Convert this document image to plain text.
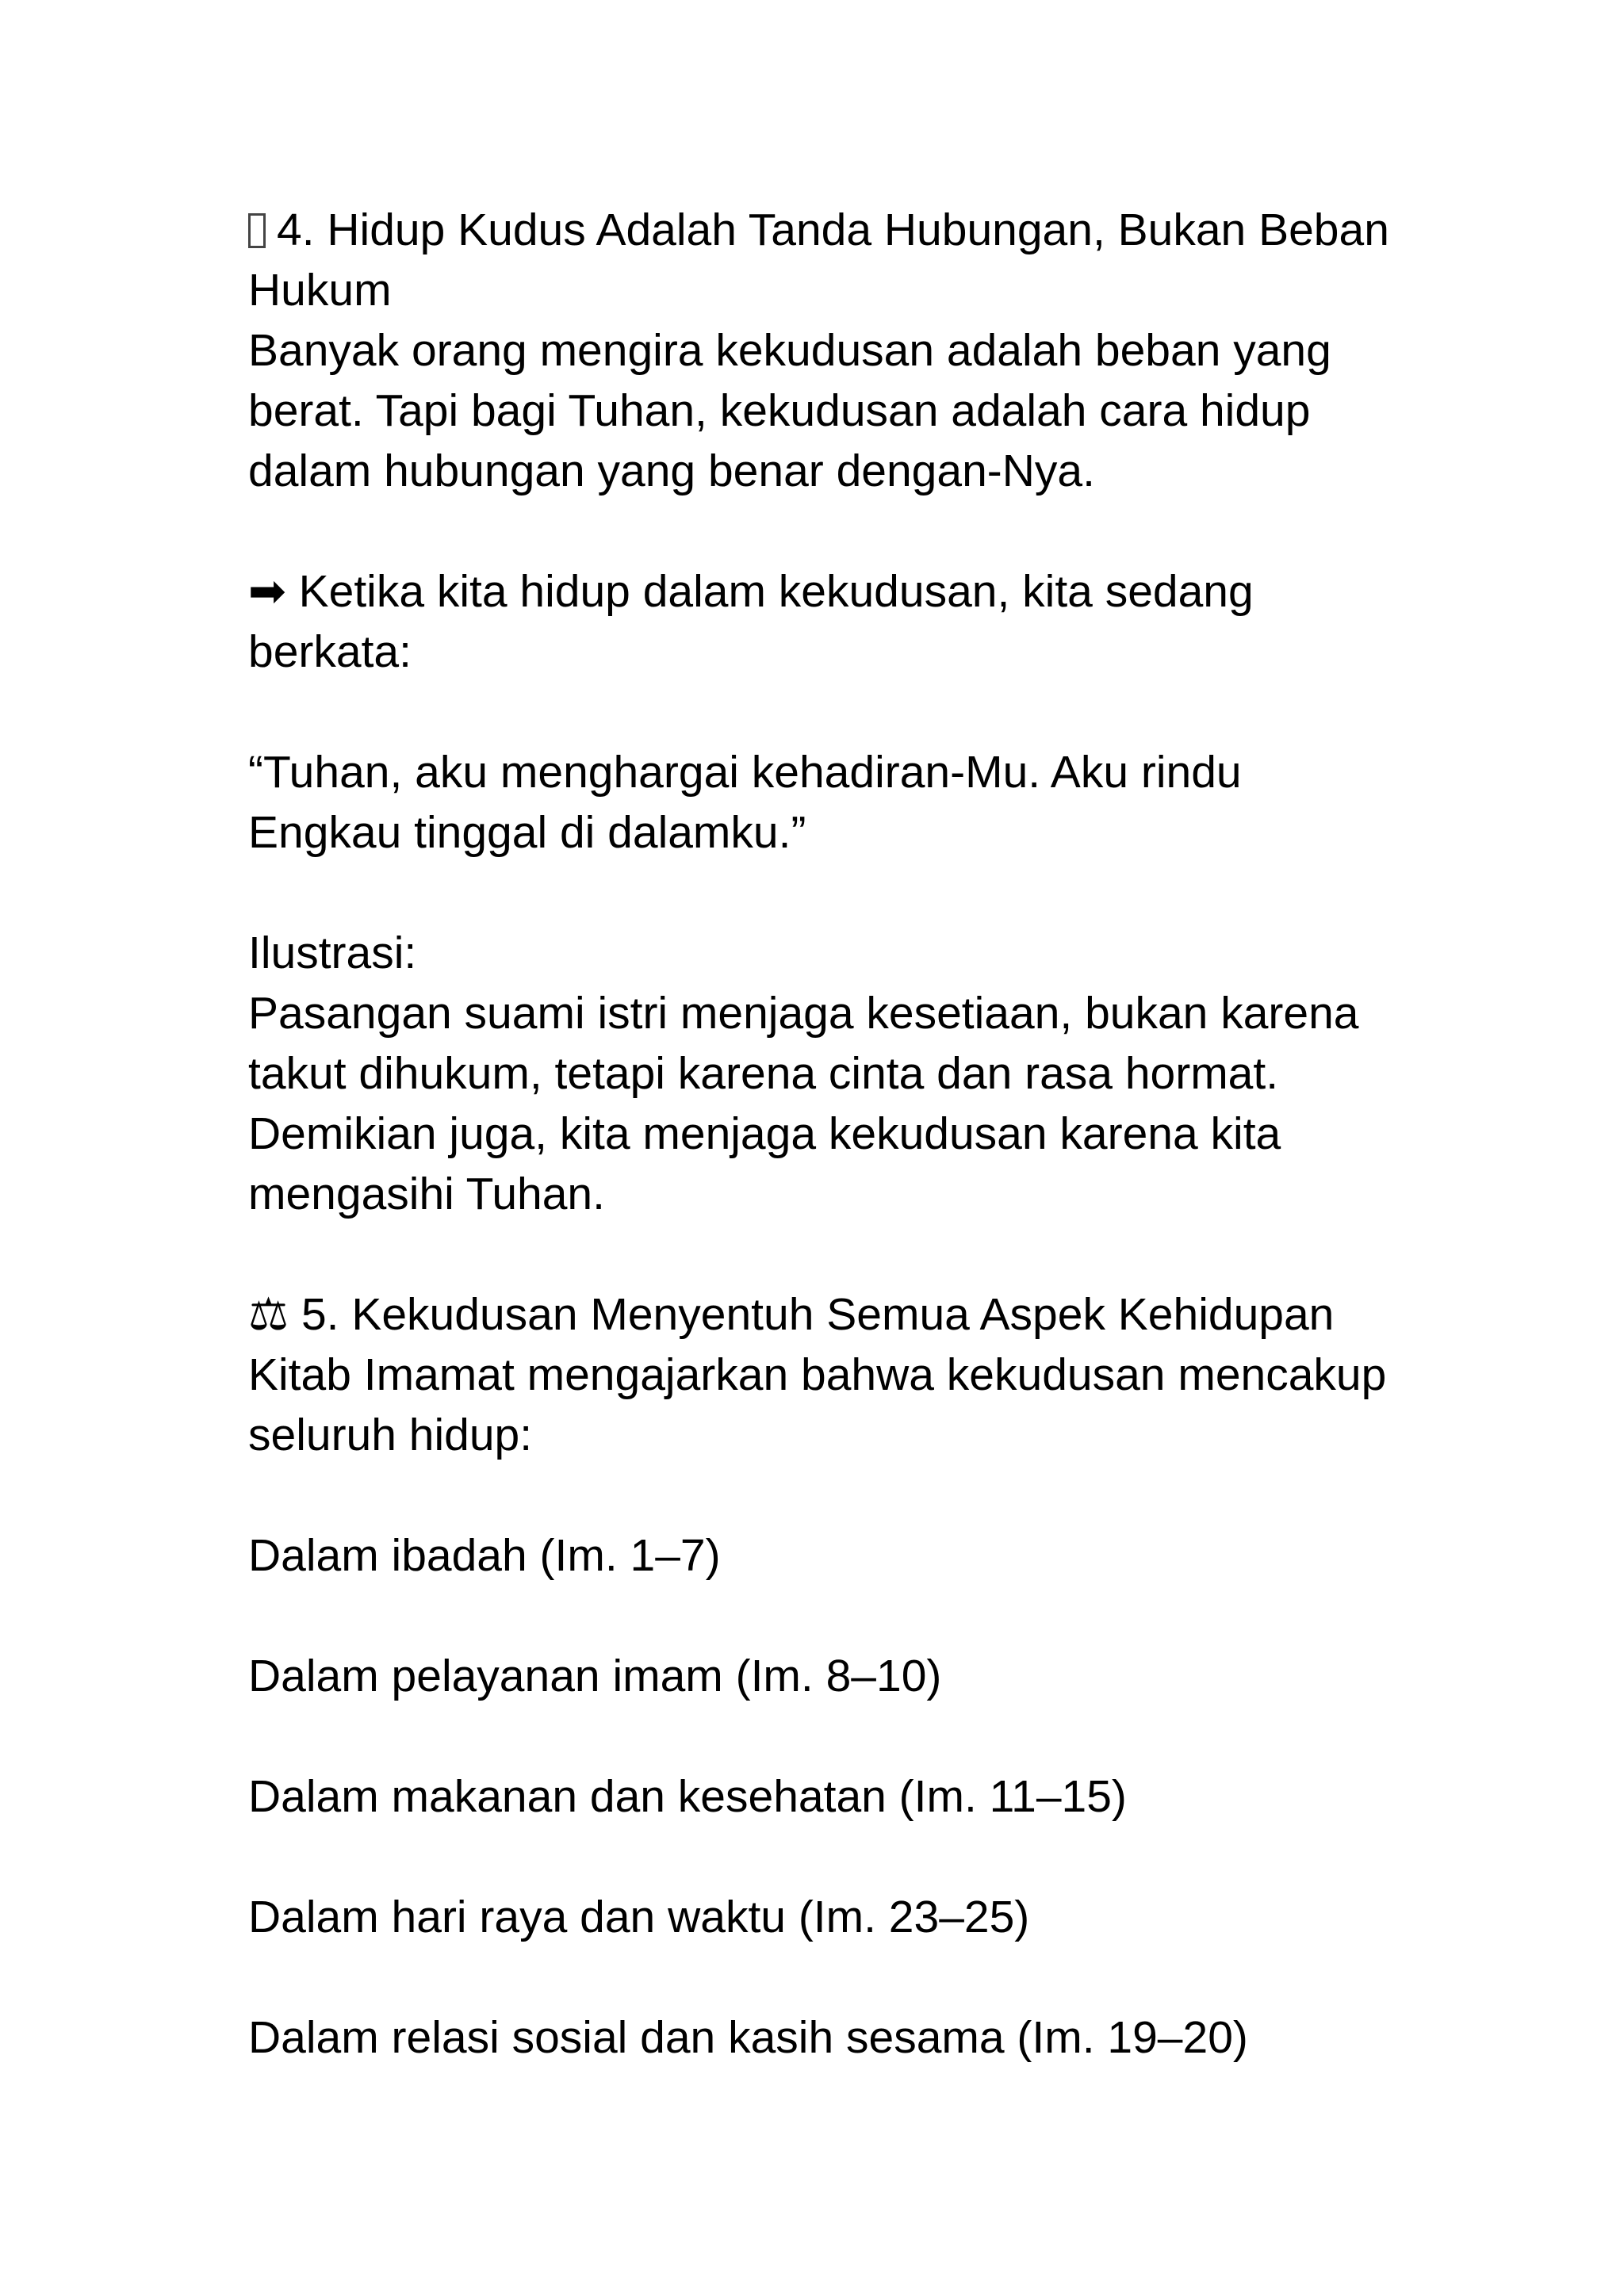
4. Hidup Kudus Adalah Tanda Hubungan, Bukan Beban
Hukum
Banyak orang mengira kekudusan adalah beban yang
berat. Tapi bagi Tuhan, kekudusan adalah cara hidup
dalam hubungan yang benar dengan-Nya.
➡ Ketika kita hidup dalam kekudusan, kita sedang
berkata:
“Tuhan, aku menghargai kehadiran-Mu. Aku rindu
Engkau tinggal di dalamku.”
Ilustrasi:
Pasangan suami istri menjaga kesetiaan, bukan karena
takut dihukum, tetapi karena cinta dan rasa hormat.
Demikian juga, kita menjaga kekudusan karena kita
mengasihi Tuhan.
⚖ 5. Kekudusan Menyentuh Semua Aspek Kehidupan
Kitab Imamat mengajarkan bahwa kekudusan mencakup
seluruh hidup:
Dalam ibadah (Im. 1–7)
Dalam pelayanan imam (Im. 8–10)
Dalam makanan dan kesehatan (Im. 11–15)
Dalam hari raya dan waktu (Im. 23–25)
Dalam relasi sosial dan kasih sesama (Im. 19–20)
